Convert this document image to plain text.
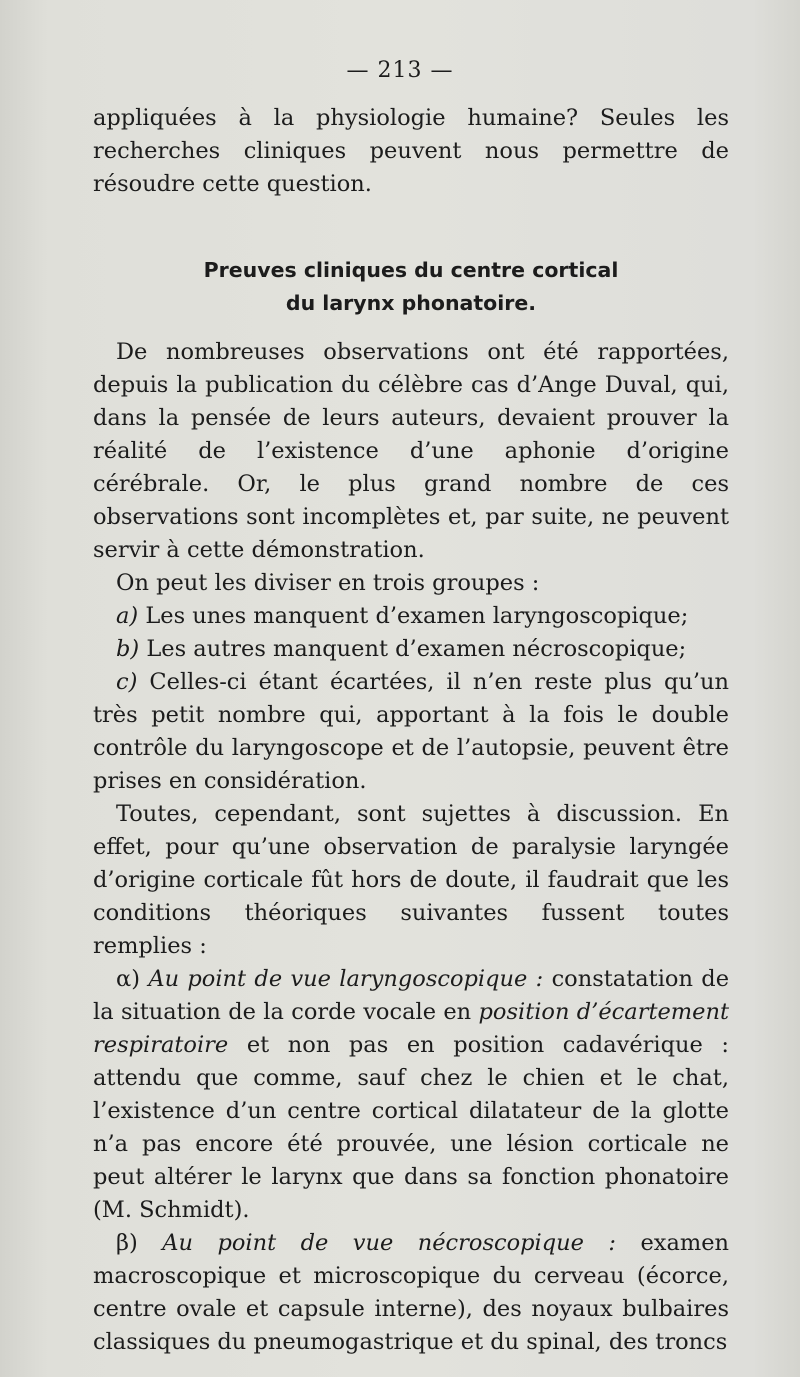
— 213 —

appliquées à la physiologie humaine? Seules les recherches cliniques peuvent nous permettre de résoudre cette question.

Preuves cliniques du centre cortical

du larynx phonatoire.

De nombreuses observations ont été rapportées, depuis la publication du célèbre cas d’Ange Duval, qui, dans la pensée de leurs auteurs, devaient prouver la réalité de l’existence d’une aphonie d’origine cérébrale. Or, le plus grand nombre de ces observations sont incomplètes et, par suite, ne peuvent servir à cette démonstration.

On peut les diviser en trois groupes :

a) Les unes manquent d’examen laryngoscopique;

b) Les autres manquent d’examen nécroscopique;

c) Celles-ci étant écartées, il n’en reste plus qu’un très petit nombre qui, apportant à la fois le double contrôle du laryngoscope et de l’autopsie, peuvent être prises en considération.

Toutes, cependant, sont sujettes à discussion. En effet, pour qu’une observation de paralysie laryngée d’origine corticale fût hors de doute, il faudrait que les conditions théoriques suivantes fussent toutes remplies :

α) Au point de vue laryngoscopique : constatation de la situation de la corde vocale en position d’écartement respiratoire et non pas en position cadavérique : attendu que comme, sauf chez le chien et le chat, l’existence d’un centre cortical dilatateur de la glotte n’a pas encore été prouvée, une lésion corticale ne peut altérer le larynx que dans sa fonction phonatoire (M. Schmidt).

β) Au point de vue nécroscopique : examen macroscopique et microscopique du cerveau (écorce, centre ovale et capsule interne), des noyaux bulbaires classiques du pneumogastrique et du spinal, des troncs
